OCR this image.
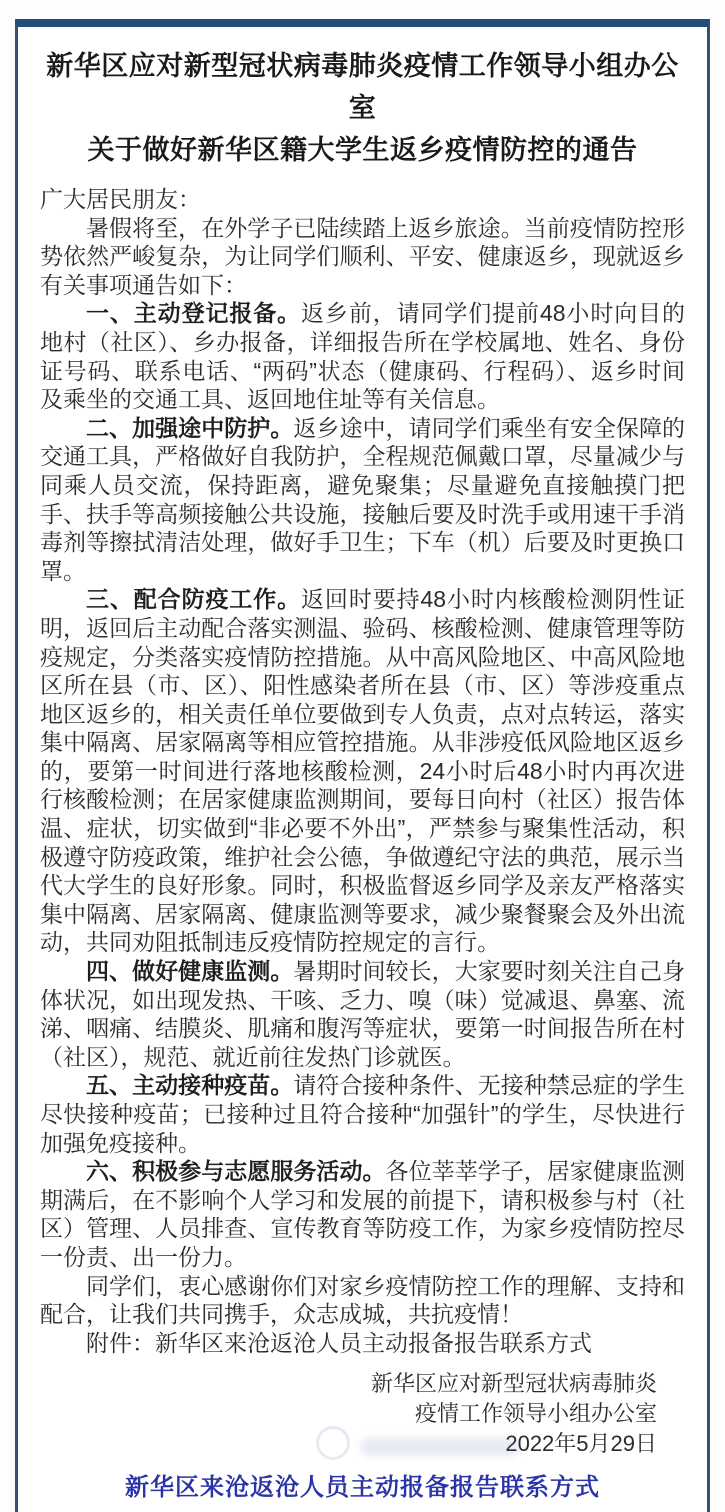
新华区应对新型冠状病毒肺炎疫情工作领导小组办公室
关于做好新华区籍大学生返乡疫情防控的通告

广大居民朋友：

暑假将至，在外学子已陆续踏上返乡旅途。当前疫情防控形势依然严峻复杂，为让同学们顺利、平安、健康返乡，现就返乡有关事项通告如下：

一、主动登记报备。返乡前，请同学们提前48小时向目的地村（社区）、乡办报备，详细报告所在学校属地、姓名、身份证号码、联系电话、“两码”状态（健康码、行程码）、返乡时间及乘坐的交通工具、返回地住址等有关信息。

二、加强途中防护。返乡途中，请同学们乘坐有安全保障的交通工具，严格做好自我防护，全程规范佩戴口罩，尽量减少与同乘人员交流，保持距离，避免聚集；尽量避免直接触摸门把手、扶手等高频接触公共设施，接触后要及时洗手或用速干手消毒剂等擦拭清洁处理，做好手卫生；下车（机）后要及时更换口罩。

三、配合防疫工作。返回时要持48小时内核酸检测阴性证明，返回后主动配合落实测温、验码、核酸检测、健康管理等防疫规定，分类落实疫情防控措施。从中高风险地区、中高风险地区所在县（市、区）、阳性感染者所在县（市、区）等涉疫重点地区返乡的，相关责任单位要做到专人负责，点对点转运，落实集中隔离、居家隔离等相应管控措施。从非涉疫低风险地区返乡的，要第一时间进行落地核酸检测，24小时后48小时内再次进行核酸检测；在居家健康监测期间，要每日向村（社区）报告体温、症状，切实做到“非必要不外出”，严禁参与聚集性活动，积极遵守防疫政策，维护社会公德，争做遵纪守法的典范，展示当代大学生的良好形象。同时，积极监督返乡同学及亲友严格落实集中隔离、居家隔离、健康监测等要求，减少聚餐聚会及外出流动，共同劝阻抵制违反疫情防控规定的言行。

四、做好健康监测。暑期时间较长，大家要时刻关注自己身体状况，如出现发热、干咳、乏力、嗅（味）觉减退、鼻塞、流涕、咽痛、结膜炎、肌痛和腹泻等症状，要第一时间报告所在村（社区），规范、就近前往发热门诊就医。

五、主动接种疫苗。请符合接种条件、无接种禁忌症的学生尽快接种疫苗；已接种过且符合接种“加强针”的学生，尽快进行加强免疫接种。

六、积极参与志愿服务活动。各位莘莘学子，居家健康监测期满后，在不影响个人学习和发展的前提下，请积极参与村（社区）管理、人员排查、宣传教育等防疫工作，为家乡疫情防控尽一份责、出一份力。

同学们，衷心感谢你们对家乡疫情防控工作的理解、支持和配合，让我们共同携手，众志成城，共抗疫情！

附件：新华区来沧返沧人员主动报备报告联系方式

新华区应对新型冠状病毒肺炎
疫情工作领导小组办公室
2022年5月29日
新华区来沧返沧人员主动报备报告联系方式
